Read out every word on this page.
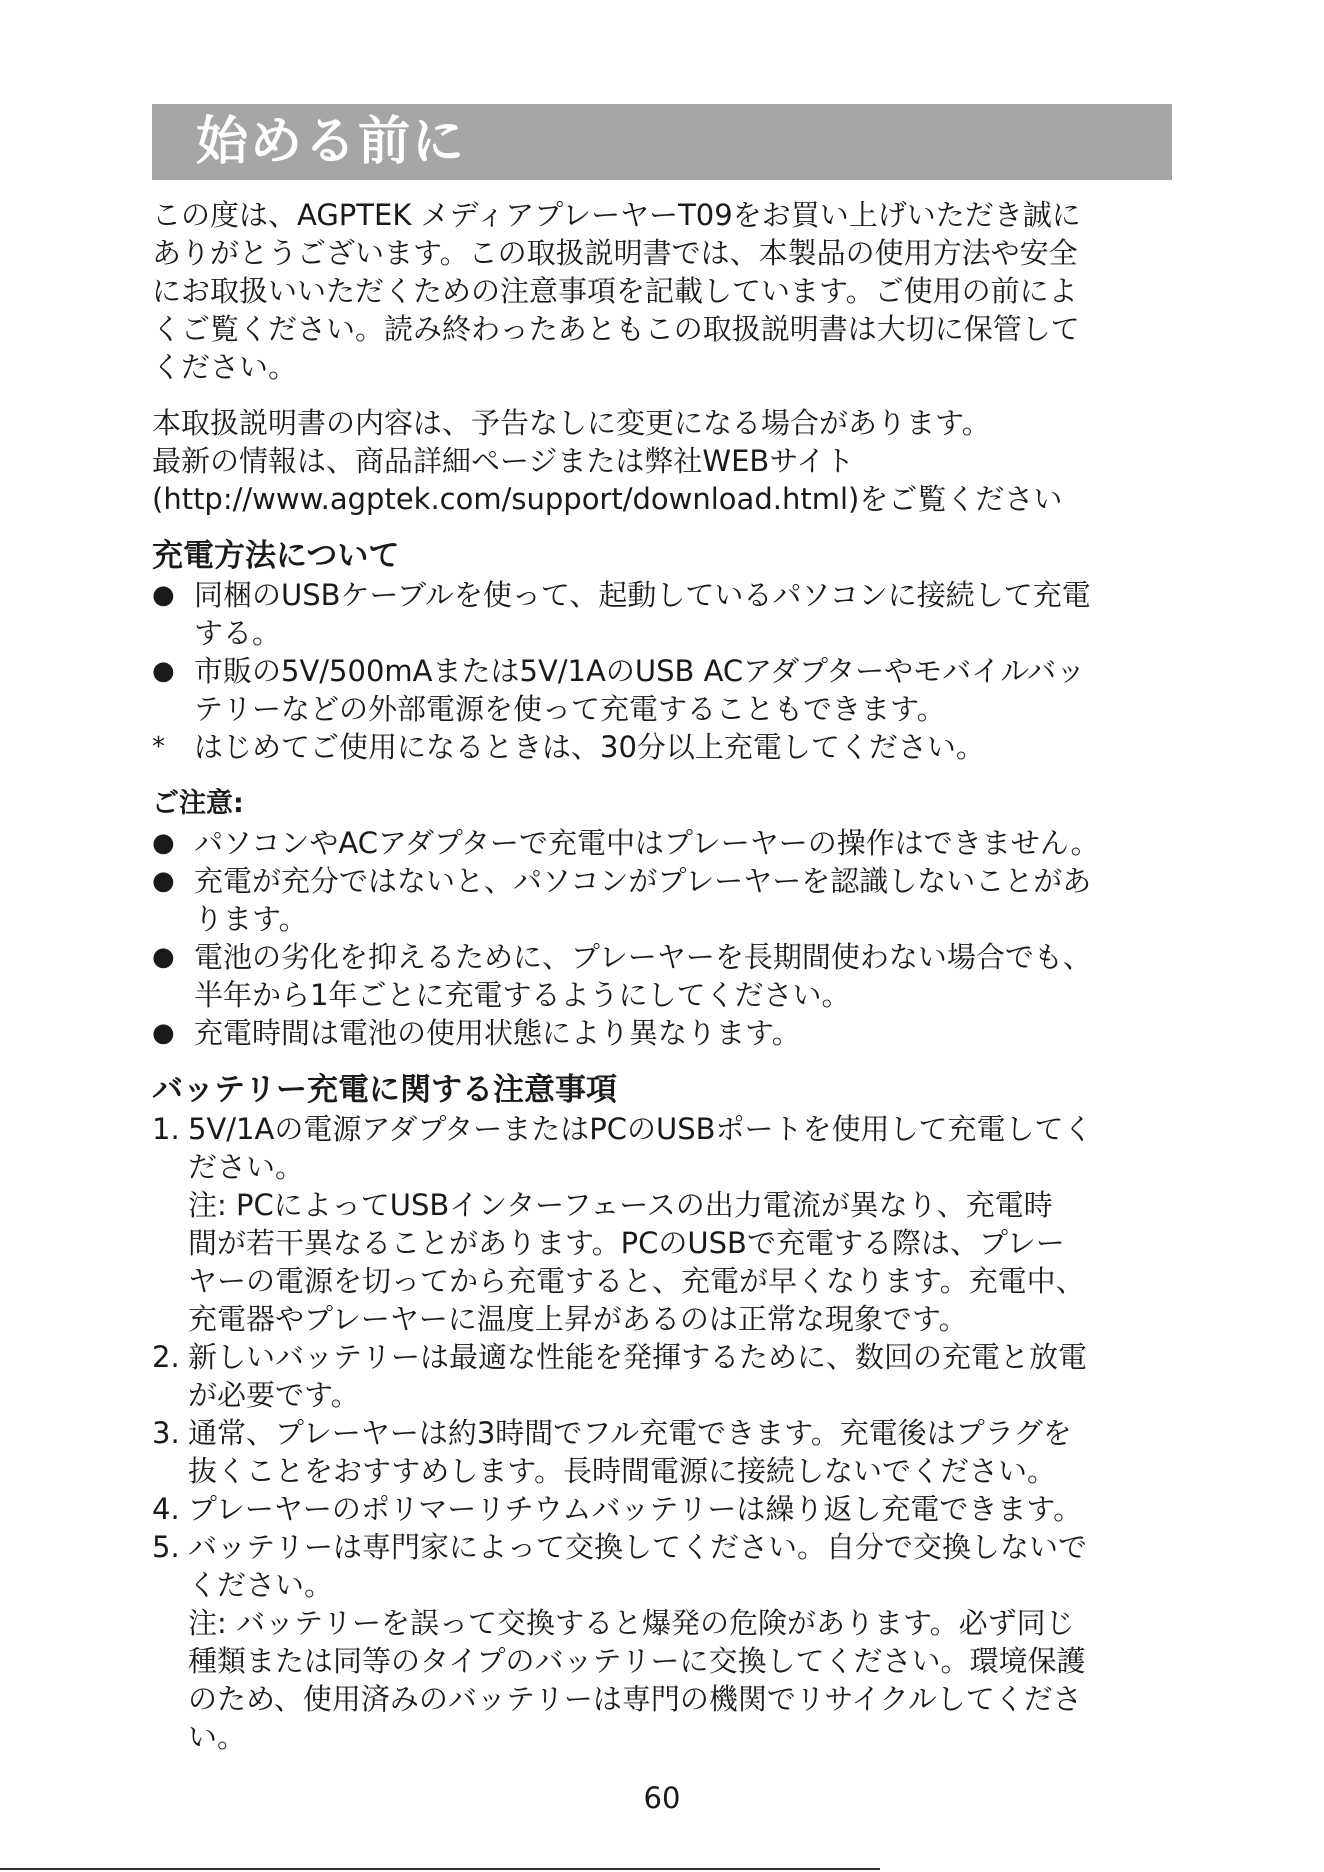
始める前に

この度は、AGPTEK メディアプレーヤーT09をお買い上げいただき誠に

ありがとうございます。この取扱説明書では、本製品の使用方法や安全

にお取扱いいただくための注意事項を記載しています。ご使用の前によ

くご覧ください。読み終わったあともこの取扱説明書は大切に保管して

ください。

本取扱説明書の内容は、予告なしに変更になる場合があります。

最新の情報は、商品詳細ページまたは弊社WEBサイト

(http://www.agptek.com/support/download.html)をご覧ください

充電方法について
● 同梱のUSBケーブルを使って、起動しているパソコンに接続して充電
する。
● 市販の5V/500mAまたは5V/1AのUSB ACアダプターやモバイルバッ
テリーなどの外部電源を使って充電することもできます。
*	はじめてご使用になるときは、30分以上充電してください。
ご注意:
● パソコンやACアダプターで充電中はプレーヤーの操作はできません。
● 充電が充分ではないと、パソコンがプレーヤーを認識しないことがあ
ります。
● 電池の劣化を抑えるために、プレーヤーを長期間使わない場合でも、
半年から1年ごとに充電するようにしてください。
● 充電時間は電池の使用状態により異なります。
バッテリー充電に関する注意事項
1. 5V/1Aの電源アダプターまたはPCのUSBポートを使用して充電してく
ださい。
注: PCによってUSBインターフェースの出力電流が異なり、充電時
間が若干異なることがあります。PCのUSBで充電する際は、プレー
ヤーの電源を切ってから充電すると、充電が早くなります。充電中、
充電器やプレーヤーに温度上昇があるのは正常な現象です。
2. 新しいバッテリーは最適な性能を発揮するために、数回の充電と放電
が必要です。
3. 通常、プレーヤーは約3時間でフル充電できます。充電後はプラグを
抜くことをおすすめします。長時間電源に接続しないでください。
4. プレーヤーのポリマーリチウムバッテリーは繰り返し充電できます。
5. バッテリーは専門家によって交換してください。自分で交換しないで
ください。
注: バッテリーを誤って交換すると爆発の危険があります。必ず同じ
種類または同等のタイプのバッテリーに交換してください。環境保護
のため、使用済みのバッテリーは専門の機関でリサイクルしてくださ
い。
60
